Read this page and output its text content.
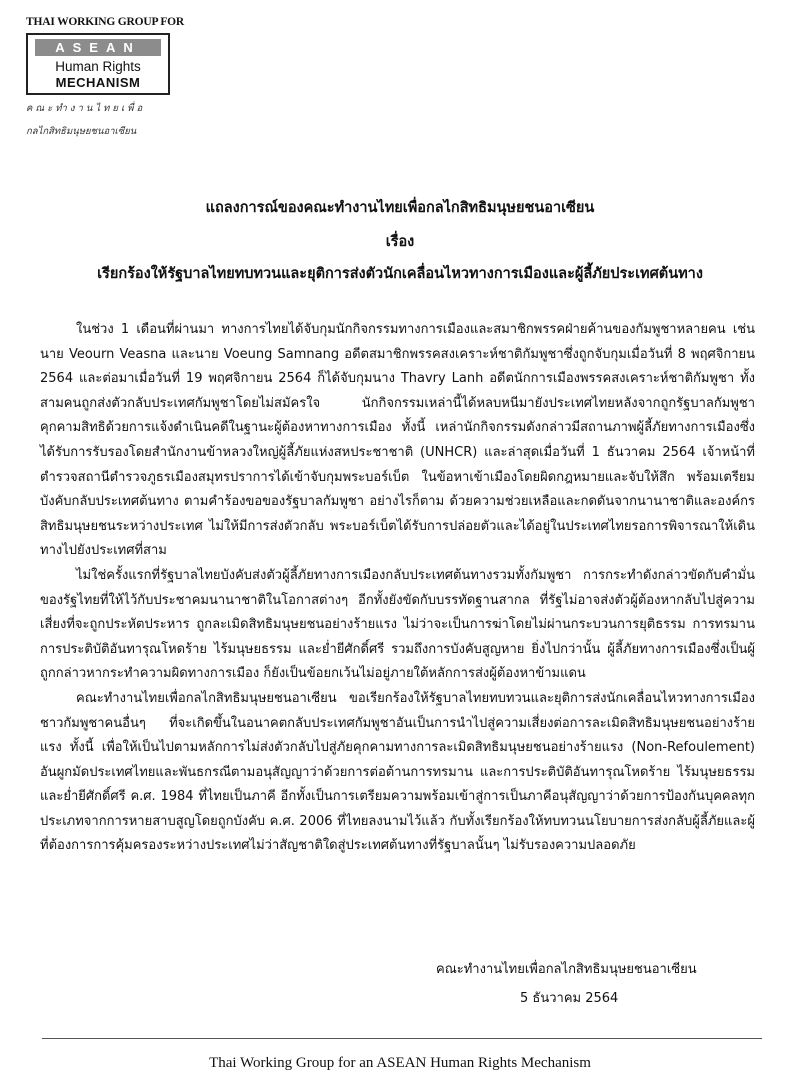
THAI WORKING GROUP FOR
ASEAN
Human Rights
MECHANISM
คณะทำงานไทยเพื่อ
กลไกสิทธิมนุษยชนอาเซียน
แถลงการณ์ของคณะทำงานไทยเพื่อกลไกสิทธิมนุษยชนอาเซียน
เรื่อง
เรียกร้องให้รัฐบาลไทยทบทวนและยุติการส่งตัวนักเคลื่อนไหวทางการเมืองและผู้ลี้ภัยประเทศต้นทาง

ในช่วง 1 เดือนที่ผ่านมา ทางการไทยได้จับกุมนักกิจกรรมทางการเมืองและสมาชิกพรรคฝ่ายค้านของกัมพูชาหลายคน เช่น นาย Veourn Veasna และนาย Voeung Samnang อดีตสมาชิกพรรคสงเคราะห์ชาติกัมพูชาซึ่งถูกจับกุมเมื่อวันที่ 8 พฤศจิกายน 2564 และต่อมาเมื่อวันที่ 19 พฤศจิกายน 2564 ก็ได้จับกุมนาง Thavry Lanh อดีตนักการเมืองพรรคสงเคราะห์ชาติกัมพูชา ทั้งสามคนถูกส่งตัวกลับประเทศกัมพูชาโดยไม่สมัครใจ นักกิจกรรมเหล่านี้ได้หลบหนีมายังประเทศไทยหลังจากถูกรัฐบาลกัมพูชาคุกคามสิทธิด้วยการแจ้งดำเนินคดีในฐานะผู้ต้องหาทางการเมือง ทั้งนี้ เหล่านักกิจกรรมดังกล่าวมีสถานภาพผู้ลี้ภัยทางการเมืองซึ่งได้รับการรับรองโดยสำนักงานข้าหลวงใหญ่ผู้ลี้ภัยแห่งสหประชาชาติ (UNHCR) และล่าสุดเมื่อวันที่ 1 ธันวาคม 2564 เจ้าหน้าที่ตำรวจสถานีตำรวจภูธรเมืองสมุทรปราการได้เข้าจับกุมพระบอร์เบ็ต ในข้อหาเข้าเมืองโดยผิดกฎหมายและจับให้สึก พร้อมเตรียมบังคับกลับประเทศต้นทาง ตามคำร้องขอของรัฐบาลกัมพูชา อย่างไรก็ตาม ด้วยความช่วยเหลือและกดดันจากนานาชาติและองค์กรสิทธิมนุษยชนระหว่างประเทศ ไม่ให้มีการส่งตัวกลับ พระบอร์เบ็ตได้รับการปล่อยตัวและได้อยู่ในประเทศไทยรอการพิจารณาให้เดินทางไปยังประเทศที่สาม

ไม่ใช่ครั้งแรกที่รัฐบาลไทยบังคับส่งตัวผู้ลี้ภัยทางการเมืองกลับประเทศต้นทางรวมทั้งกัมพูชา การกระทำดังกล่าวขัดกับคำมั่นของรัฐไทยที่ให้ไว้กับประชาคมนานาชาติในโอกาสต่างๆ อีกทั้งยังขัดกับบรรทัดฐานสากล ที่รัฐไม่อาจส่งตัวผู้ต้องหากลับไปสู่ความเสี่ยงที่จะถูกประหัตประหาร ถูกละเมิดสิทธิมนุษยชนอย่างร้ายแรง ไม่ว่าจะเป็นการฆ่าโดยไม่ผ่านกระบวนการยุติธรรม การทรมาน การประติบัติอันทารุณโหดร้าย ไร้มนุษยธรรม และย่ำยีศักดิ์ศรี รวมถึงการบังคับสูญหาย ยิ่งไปกว่านั้น ผู้ลี้ภัยทางการเมืองซึ่งเป็นผู้ถูกกล่าวหากระทำความผิดทางการเมือง ก็ยังเป็นข้อยกเว้นไม่อยู่ภายใต้หลักการส่งผู้ต้องหาข้ามแดน

คณะทำงานไทยเพื่อกลไกสิทธิมนุษยชนอาเซียน ขอเรียกร้องให้รัฐบาลไทยทบทวนและยุติการส่งนักเคลื่อนไหวทางการเมืองชาวกัมพูชาคนอื่นๆ ที่จะเกิดขึ้นในอนาคตกลับประเทศกัมพูชาอันเป็นการนำไปสู่ความเสี่ยงต่อการละเมิดสิทธิมนุษยชนอย่างร้ายแรง ทั้งนี้ เพื่อให้เป็นไปตามหลักการไม่ส่งตัวกลับไปสู่ภัยคุกคามทางการละเมิดสิทธิมนุษยชนอย่างร้ายแรง (Non-Refoulement) อันผูกมัดประเทศไทยและพันธกรณีตามอนุสัญญาว่าด้วยการต่อต้านการทรมาน และการประติบัติอันทารุณโหดร้าย ไร้มนุษยธรรม และย่ำยีศักดิ์ศรี ค.ศ. 1984 ที่ไทยเป็นภาคี อีกทั้งเป็นการเตรียมความพร้อมเข้าสู่การเป็นภาคีอนุสัญญาว่าด้วยการป้องกันบุคคลทุกประเภทจากการหายสาบสูญโดยถูกบังคับ ค.ศ. 2006 ที่ไทยลงนามไว้แล้ว กับทั้งเรียกร้องให้ทบทวนนโยบายการส่งกลับผู้ลี้ภัยและผู้ที่ต้องการการคุ้มครองระหว่างประเทศไม่ว่าสัญชาติใดสู่ประเทศต้นทางที่รัฐบาลนั้นๆ ไม่รับรองความปลอดภัย

คณะทำงานไทยเพื่อกลไกสิทธิมนุษยชนอาเซียน
5 ธันวาคม 2564
Thai Working Group for an ASEAN Human Rights Mechanism
